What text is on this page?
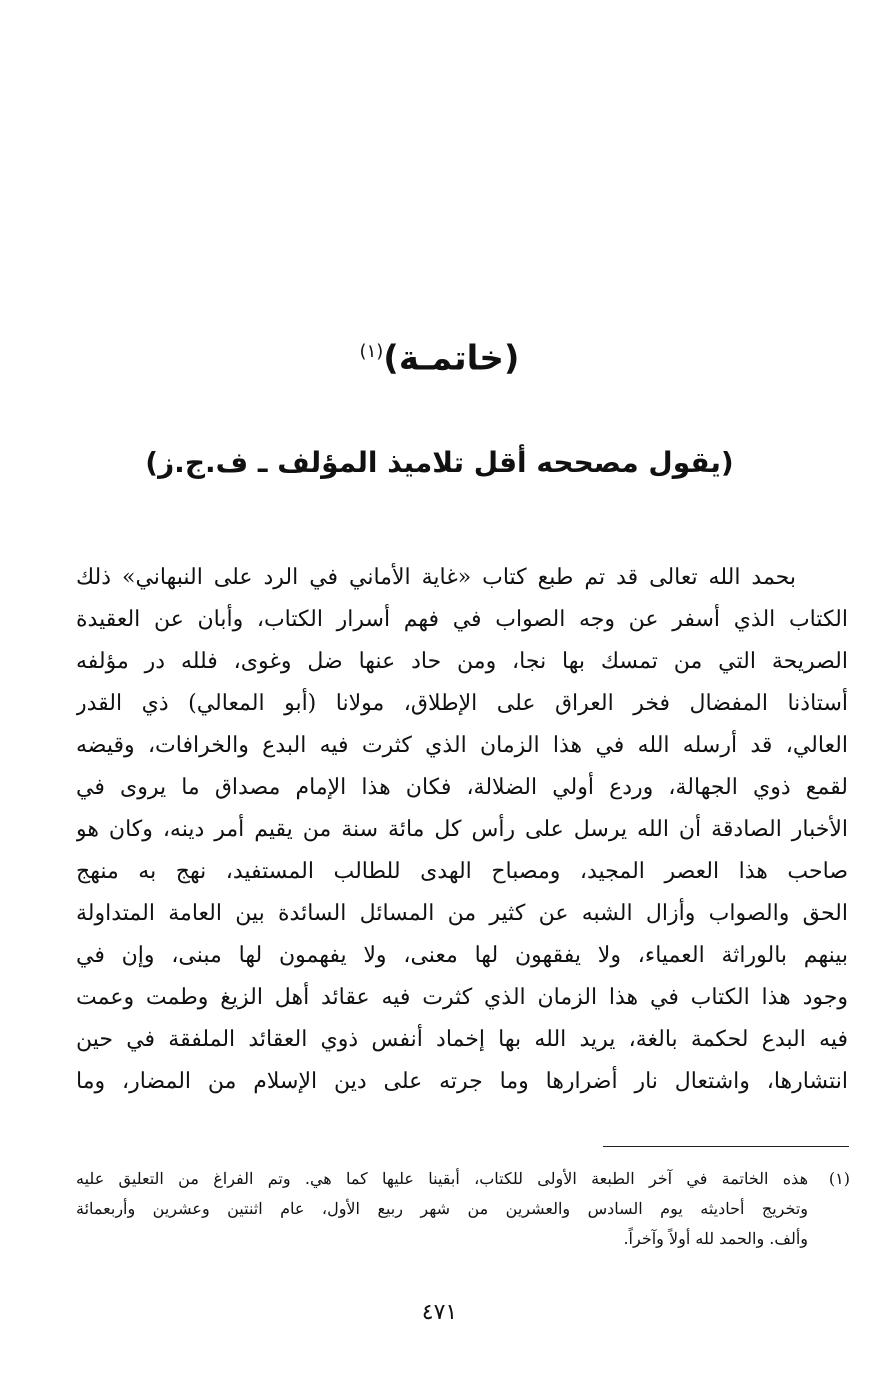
(خاتمـة)$^{(١)}$
(يقول مصححه أقل تلاميذ المؤلف ـ ف.ج.ز)
بحمد الله تعالى قد تم طبع كتاب «غاية الأماني في الرد على النبهاني» ذلك
الكتاب الذي أسفر عن وجه الصواب في فهم أسرار الكتاب، وأبان عن العقيدة
الصريحة التي من تمسك بها نجا، ومن حاد عنها ضل وغوى، فلله در مؤلفه
أستاذنا المفضال فخر العراق على الإطلاق، مولانا (أبو المعالي) ذي القدر
العالي، قد أرسله الله في هذا الزمان الذي كثرت فيه البدع والخرافات، وقيضه
لقمع ذوي الجهالة، وردع أولي الضلالة، فكان هذا الإمام مصداق ما يروى في
الأخبار الصادقة أن الله يرسل على رأس كل مائة سنة من يقيم أمر دينه، وكان هو
صاحب هذا العصر المجيد، ومصباح الهدى للطالب المستفيد، نهج به منهج
الحق والصواب وأزال الشبه عن كثير من المسائل السائدة بين العامة المتداولة
بينهم بالوراثة العمياء، ولا يفقهون لها معنى، ولا يفهمون لها مبنى، وإن في
وجود هذا الكتاب في هذا الزمان الذي كثرت فيه عقائد أهل الزيغ وطمت وعمت
فيه البدع لحكمة بالغة، يريد الله بها إخماد أنفس ذوي العقائد الملفقة في حين
انتشارها، واشتعال نار أضرارها وما جرته على دين الإسلام من المضار، وما
(١)هذه الخاتمة في آخر الطبعة الأولى للكتاب، أبقينا عليها كما هي. وتم الفراغ من التعليق عليه
وتخريج أحاديثه يوم السادس والعشرين من شهر ربيع الأول، عام اثنتين وعشرين وأربعمائة
وألف. والحمد لله أولاً وآخراً.
٤٧١
